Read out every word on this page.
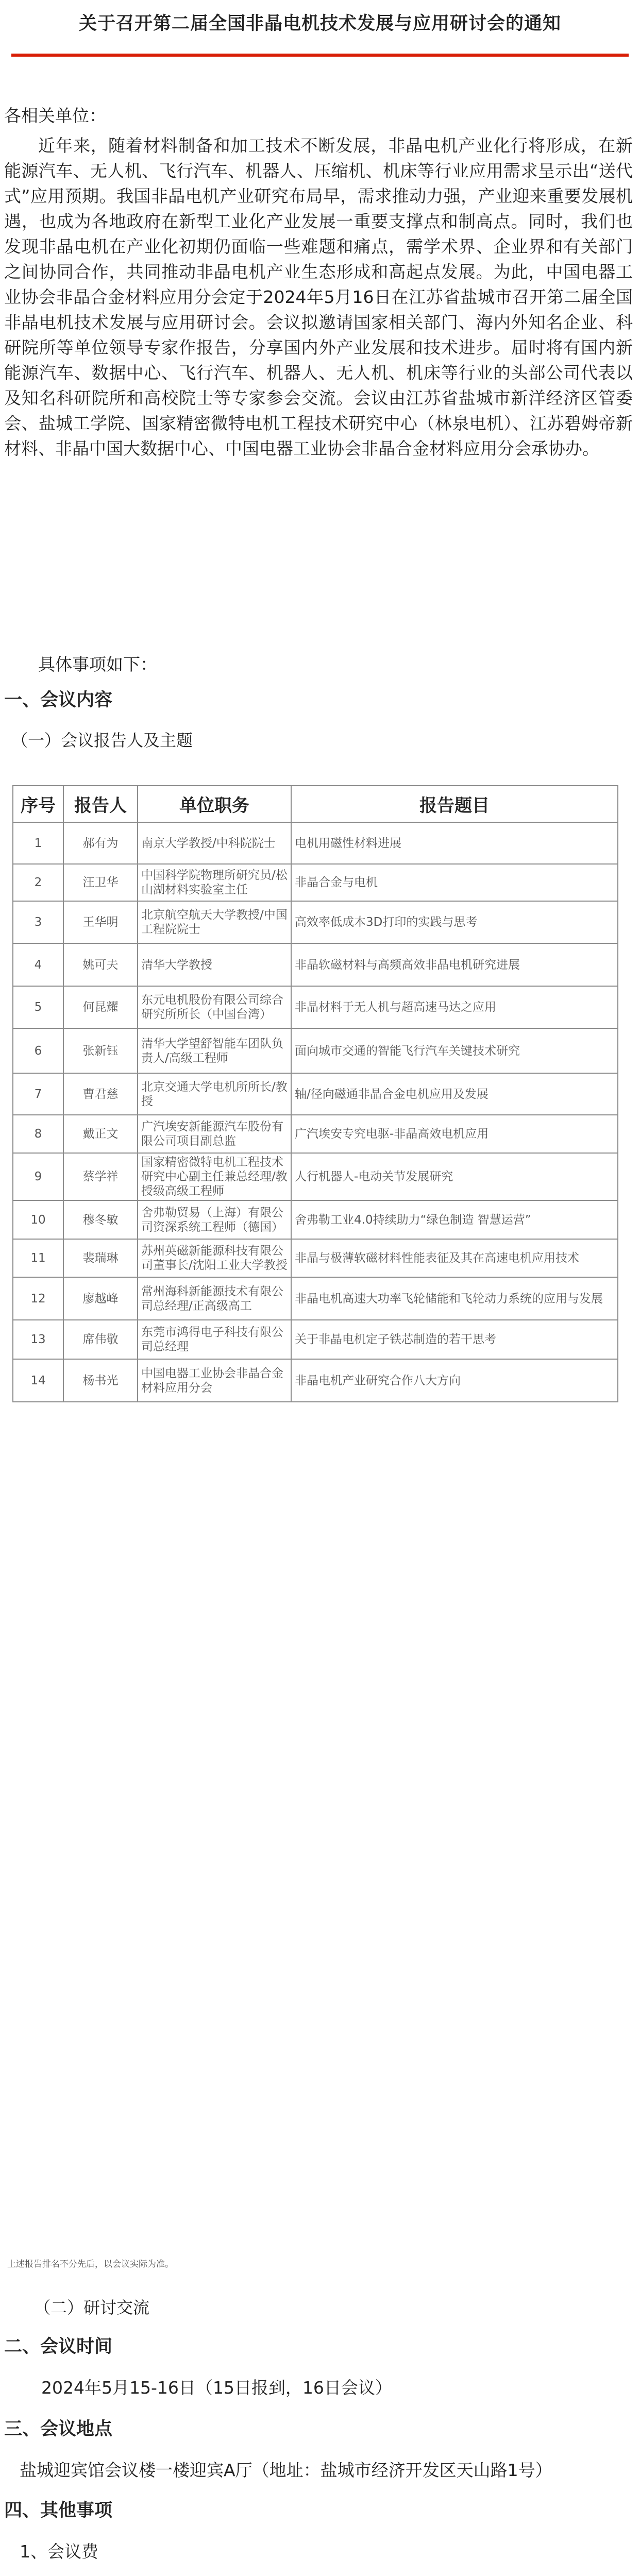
关于召开第二届全国非晶电机技术发展与应用研讨会的通知
各相关单位：
近年来，随着材料制备和加工技术不断发展，非晶电机产业化行将形成，在新能源汽车、无人机、飞行汽车、机器人、压缩机、机床等行业应用需求呈示出“送代式”应用预期。我国非晶电机产业研究布局早，需求推动力强，产业迎来重要发展机遇，也成为各地政府在新型工业化产业发展一重要支撑点和制高点。同时，我们也发现非晶电机在产业化初期仍面临一些难题和痛点，需学术界、企业界和有关部门之间协同合作，共同推动非晶电机产业生态形成和高起点发展。为此，中国电器工业协会非晶合金材料应用分会定于2024年5月16日在江苏省盐城市召开第二届全国非晶电机技术发展与应用研讨会。会议拟邀请国家相关部门、海内外知名企业、科研院所等单位领导专家作报告，分享国内外产业发展和技术进步。届时将有国内新能源汽车、数据中心、飞行汽车、机器人、无人机、机床等行业的头部公司代表以及知名科研院所和高校院士等专家参会交流。会议由江苏省盐城市新洋经济区管委会、盐城工学院、国家精密微特电机工程技术研究中心（林泉电机）、江苏碧姆帝新材料、非晶中国大数据中心、中国电器工业协会非晶合金材料应用分会承协办。
具体事项如下：
一、会议内容
（一）会议报告人及主题
序号	报告人	单位职务	报告题目
1	郝有为	南京大学教授/中科院院士	电机用磁性材料进展
2	汪卫华	中国科学院物理所研究员/松山湖材料实验室主任	非晶合金与电机
3	王华明	北京航空航天大学教授/中国工程院院士	高效率低成本3D打印的实践与思考
4	姚可夫	清华大学教授	非晶软磁材料与高频高效非晶电机研究进展
5	何昆耀	东元电机股份有限公司综合研究所所长（中国台湾）	非晶材料于无人机与超高速马达之应用
6	张新钰	清华大学望舒智能车团队负责人/高级工程师	面向城市交通的智能飞行汽车关键技术研究
7	曹君慈	北京交通大学电机所所长/教授	轴/径向磁通非晶合金电机应用及发展
8	戴正文	广汽埃安新能源汽车股份有限公司项目副总监	广汽埃安专究电驱-非晶高效电机应用
9	蔡学祥	国家精密微特电机工程技术研究中心副主任兼总经理/教授级高级工程师	人行机器人-电动关节发展研究
10	穆冬敏	舍弗勒贸易（上海）有限公司资深系统工程师（德国）	舍弗勒工业4.0持续助力“绿色制造 智慧运营”
11	裴瑞琳	苏州英磁新能源科技有限公司董事长/沈阳工业大学教授	非晶与极薄软磁材料性能表征及其在高速电机应用技术
12	廖越峰	常州海科新能源技术有限公司总经理/正高级高工	非晶电机高速大功率飞轮储能和飞轮动力系统的应用与发展
13	席伟敬	东莞市鸿得电子科技有限公司总经理	关于非晶电机定子铁芯制造的若干思考
14	杨书光	中国电器工业协会非晶合金材料应用分会	非晶电机产业研究合作八大方向
上述报告排名不分先后，以会议实际为准。
（二）研讨交流
二、会议时间
2024年5月15-16日（15日报到，16日会议）
三、会议地点
盐城迎宾馆会议楼一楼迎宾A厅（地址：盐城市经济开发区天山路1号）
四、其他事项
1、会议费
